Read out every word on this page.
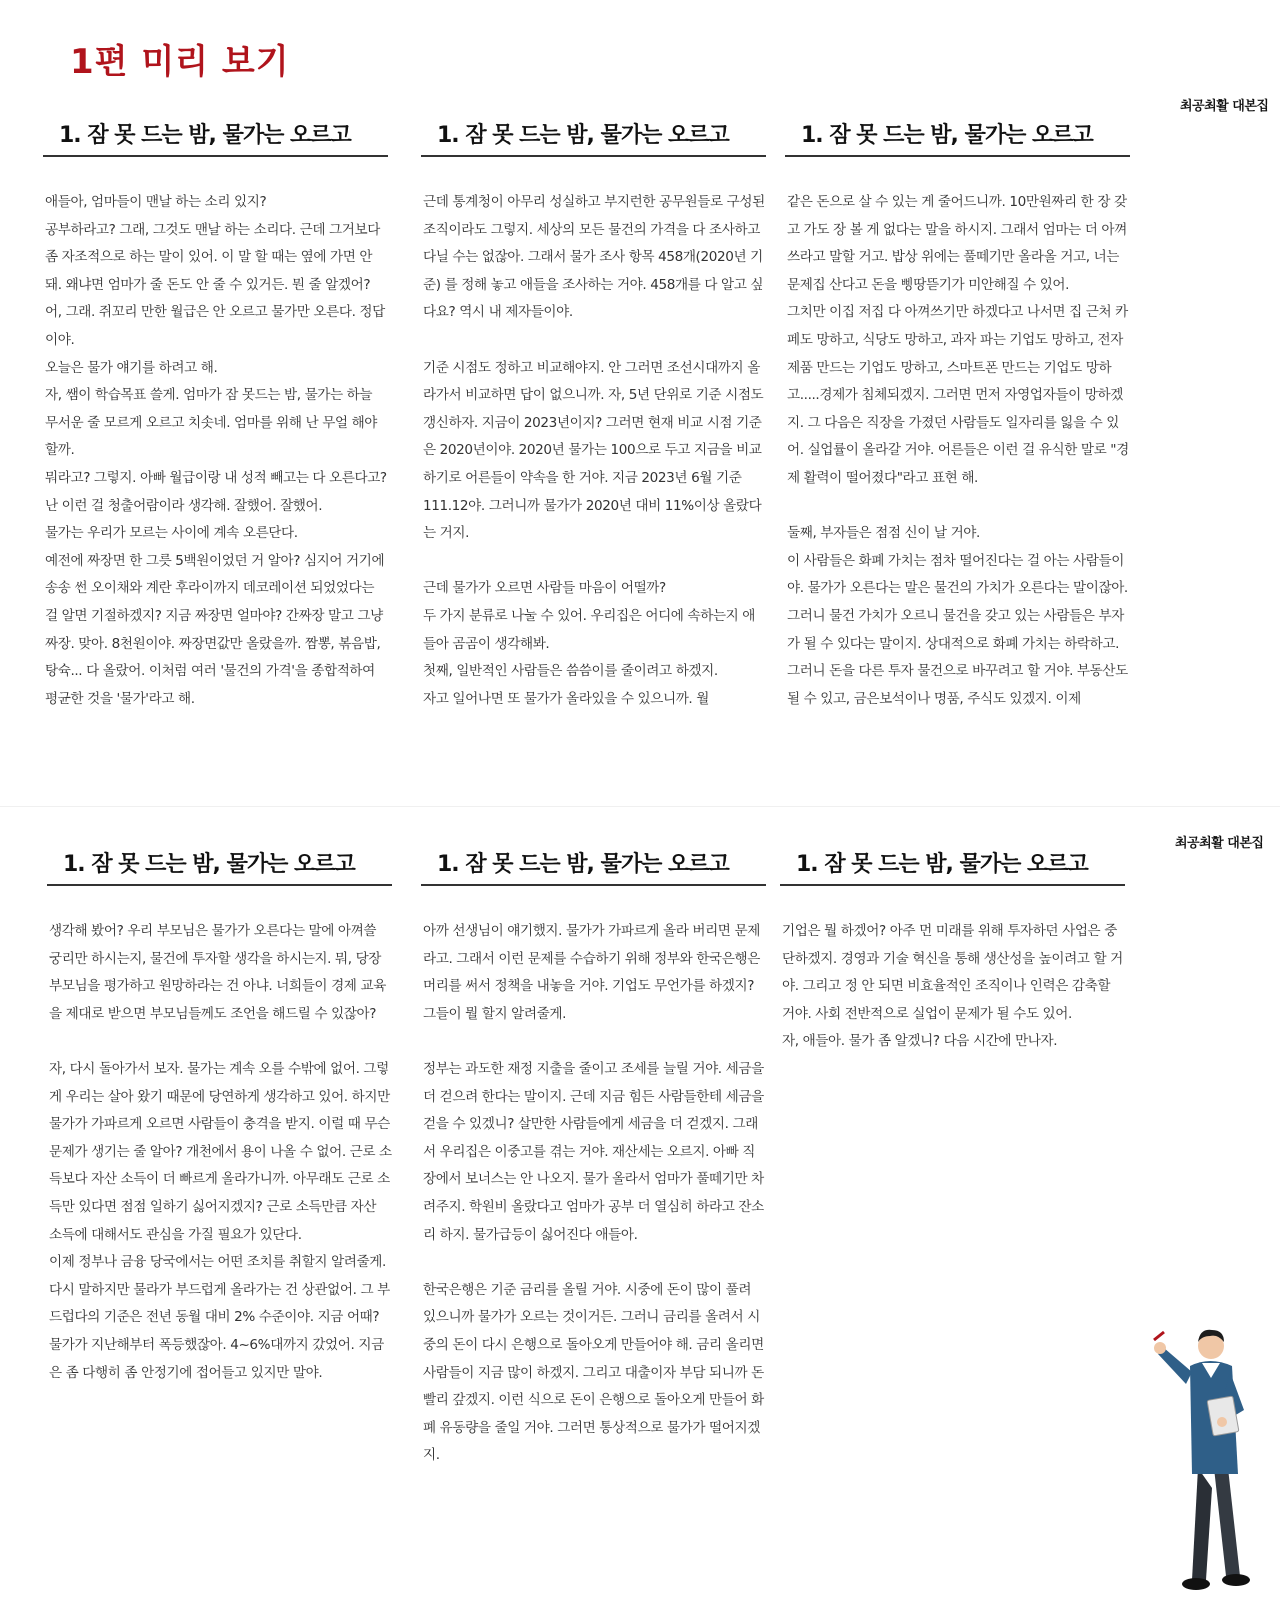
1편 미리 보기
최공최활 대본집
최공최활 대본집
1. 잠 못 드는 밤, 물가는 오르고
애들아, 엄마들이 맨날 하는 소리 있지?
공부하라고? 그래, 그것도 맨날 하는 소리다. 근데 그거보다 좀 자조적으로 하는 말이 있어. 이 말 할 때는 옆에 가면 안 돼. 왜냐면 엄마가 줄 돈도 안 줄 수 있거든. 뭔 줄 알겠어?
어, 그래. 쥐꼬리 만한 월급은 안 오르고 물가만 오른다. 정답이야.
오늘은 물가 얘기를 하려고 해.
자, 쌤이 학습목표 쓸게. 엄마가 잠 못드는 밤, 물가는 하늘 무서운 줄 모르게 오르고 치솟네. 엄마를 위해 난 무얼 해야 할까.
뭐라고? 그렇지. 아빠 월급이랑 내 성적 빼고는 다 오른다고? 난 이런 걸 청출어람이라 생각해. 잘했어. 잘했어.
물가는 우리가 모르는 사이에 계속 오른단다.
예전에 짜장면 한 그릇 5백원이었던 거 알아? 심지어 거기에 송송 썬 오이채와 계란 후라이까지 데코레이션 되었었다는 걸 알면 기절하겠지? 지금 짜장면 얼마야? 간짜장 말고 그냥 짜장. 맞아. 8천원이야. 짜장면값만 올랐을까. 짬뽕, 볶음밥, 탕슉... 다 올랐어. 이처럼 여러 '물건의 가격'을 종합적하여 평균한 것을 '물가'라고 해.
1. 잠 못 드는 밤, 물가는 오르고
근데 통계청이 아무리 성실하고 부지런한 공무원들로 구성된 조직이라도 그렇지. 세상의 모든 물건의 가격을 다 조사하고 다닐 수는 없잖아. 그래서 물가 조사 항목 458개(2020년 기준) 를 정해 놓고 애들을 조사하는 거야. 458개를 다 알고 싶다요? 역시 내 제자들이야.
기준 시점도 정하고 비교해야지. 안 그러면 조선시대까지 올라가서 비교하면 답이 없으니까. 자, 5년 단위로 기준 시점도 갱신하자. 지금이 2023년이지? 그러면 현재 비교 시점 기준은 2020년이야. 2020년 물가는 100으로 두고 지금을 비교하기로 어른들이 약속을 한 거야. 지금 2023년 6월 기준 111.12야. 그러니까 물가가 2020년 대비 11%이상 올랐다는 거지.
근데 물가가 오르면 사람들 마음이 어떨까?
두 가지 분류로 나눌 수 있어. 우리집은 어디에 속하는지 애들아 곰곰이 생각해봐.
첫째, 일반적인 사람들은 씀씀이를 줄이려고 하겠지.
자고 일어나면 또 물가가 올라있을 수 있으니까. 월
1. 잠 못 드는 밤, 물가는 오르고
같은 돈으로 살 수 있는 게 줄어드니까. 10만원짜리 한 장 갖고 가도 장 볼 게 없다는 말을 하시지. 그래서 엄마는 더 아껴쓰라고 말할 거고. 밥상 위에는 풀떼기만 올라올 거고, 너는 문제집 산다고 돈을 삥땅뜯기가 미안해질 수 있어.
그치만 이집 저집 다 아껴쓰기만 하겠다고 나서면 집 근처 카페도 망하고, 식당도 망하고, 과자 파는 기업도 망하고, 전자제품 만드는 기업도 망하고, 스마트폰 만드는 기업도 망하고.....경제가 침체되겠지. 그러면 먼저 자영업자들이 망하겠지. 그 다음은 직장을 가졌던 사람들도 일자리를 잃을 수 있어. 실업률이 올라갈 거야. 어른들은 이런 걸 유식한 말로 "경제 활력이 떨어졌다"라고 표현 해.
둘째, 부자들은 점점 신이 날 거야.
이 사람들은 화폐 가치는 점차 떨어진다는 걸 아는 사람들이야. 물가가 오른다는 말은 물건의 가치가 오른다는 말이잖아. 그러니 물건 가치가 오르니 물건을 갖고 있는 사람들은 부자가 될 수 있다는 말이지. 상대적으로 화폐 가치는 하락하고. 그러니 돈을 다른 투자 물건으로 바꾸려고 할 거야. 부동산도 될 수 있고, 금은보석이나 명품, 주식도 있겠지. 이제
1. 잠 못 드는 밤, 물가는 오르고
생각해 봤어? 우리 부모님은 물가가 오른다는 말에 아껴쓸 궁리만 하시는지, 물건에 투자할 생각을 하시는지. 뭐, 당장 부모님을 평가하고 원망하라는 건 아냐. 너희들이 경제 교육을 제대로 받으면 부모님들께도 조언을 해드릴 수 있잖아?
자, 다시 돌아가서 보자. 물가는 계속 오를 수밖에 없어. 그렇게 우리는 살아 왔기 때문에 당연하게 생각하고 있어. 하지만 물가가 가파르게 오르면 사람들이 충격을 받지. 이럴 때 무슨 문제가 생기는 줄 알아? 개천에서 용이 나올 수 없어. 근로 소득보다 자산 소득이 더 빠르게 올라가니까. 아무래도 근로 소득만 있다면 점점 일하기 싫어지겠지? 근로 소득만큼 자산 소득에 대해서도 관심을 가질 필요가 있단다.
이제 정부나 금융 당국에서는 어떤 조치를 취할지 알려줄게.
다시 말하지만 물라가 부드럽게 올라가는 건 상관없어. 그 부드럽다의 기준은 전년 동월 대비 2% 수준이야. 지금 어때? 물가가 지난해부터 폭등했잖아. 4~6%대까지 갔었어. 지금은 좀 다행히 좀 안정기에 접어들고 있지만 말야.
1. 잠 못 드는 밤, 물가는 오르고
아까 선생님이 얘기했지. 물가가 가파르게 올라 버리면 문제라고. 그래서 이런 문제를 수습하기 위해 정부와 한국은행은 머리를 써서 정책을 내놓을 거야. 기업도 무언가를 하겠지? 그들이 뭘 할지 알려줄게.
정부는 과도한 재정 지출을 줄이고 조세를 늘릴 거야. 세금을 더 걷으려 한다는 말이지. 근데 지금 힘든 사람들한테 세금을 걷을 수 있겠니? 살만한 사람들에게 세금을 더 걷겠지. 그래서 우리집은 이중고를 겪는 거야. 재산세는 오르지. 아빠 직장에서 보너스는 안 나오지. 물가 올라서 엄마가 풀떼기만 차려주지. 학원비 올랐다고 엄마가 공부 더 열심히 하라고 잔소리 하지. 물가급등이 싫어진다 애들아.
한국은행은 기준 금리를 올릴 거야. 시중에 돈이 많이 풀려 있으니까 물가가 오르는 것이거든. 그러니 금리를 올려서 시중의 돈이 다시 은행으로 돌아오게 만들어야 해. 금리 올리면 사람들이 지금 많이 하겠지. 그리고 대출이자 부담 되니까 돈 빨리 갚겠지. 이런 식으로 돈이 은행으로 돌아오게 만들어 화폐 유동량을 줄일 거야. 그러면 통상적으로 물가가 떨어지겠지.
1. 잠 못 드는 밤, 물가는 오르고
기업은 뭘 하겠어? 아주 먼 미래를 위해 투자하던 사업은 중단하겠지. 경영과 기술 혁신을 통해 생산성을 높이려고 할 거야. 그리고 정 안 되면 비효율적인 조직이나 인력은 감축할 거야. 사회 전반적으로 실업이 문제가 될 수도 있어.
자, 애들아. 물가 좀 알겠니? 다음 시간에 만나자.
